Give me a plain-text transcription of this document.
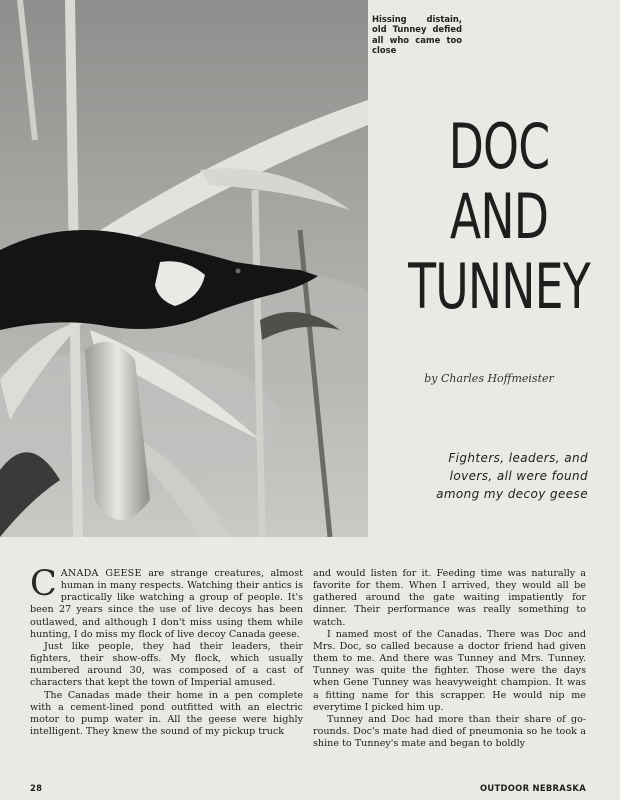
Hissing distain, old Tunney defied all who came too close
DOC
AND
TUNNEY
by Charles Hoffmeister
Fighters, leaders, and
lovers, all were found
among my decoy geese

CANADA GEESE are strange creatures, almost human in many respects. Watching their antics is practically like watching a group of people. It's been 27 years since the use of live decoys has been outlawed, and although I don't miss using them while hunting, I do miss my flock of live decoy Canada geese.

Just like people, they had their leaders, their fighters, their show-offs. My flock, which usually numbered around 30, was composed of a cast of characters that kept the town of Imperial amused.

The Canadas made their home in a pen complete with a cement-lined pond outfitted with an electric motor to pump water in. All the geese were highly intelligent. They knew the sound of my pickup truck

and would listen for it. Feeding time was naturally a favorite for them. When I arrived, they would all be gathered around the gate waiting impatiently for dinner. Their performance was really something to watch.

I named most of the Canadas. There was Doc and Mrs. Doc, so called because a doctor friend had given them to me. And there was Tunney and Mrs. Tunney. Tunney was quite the fighter. Those were the days when Gene Tunney was heavyweight champion. It was a fitting name for this scrapper. He would nip me everytime I picked him up.

Tunney and Doc had more than their share of go-rounds. Doc's mate had died of pneumonia so he took a shine to Tunney's mate and began to boldly

28	OUTDOOR NEBRASKA
